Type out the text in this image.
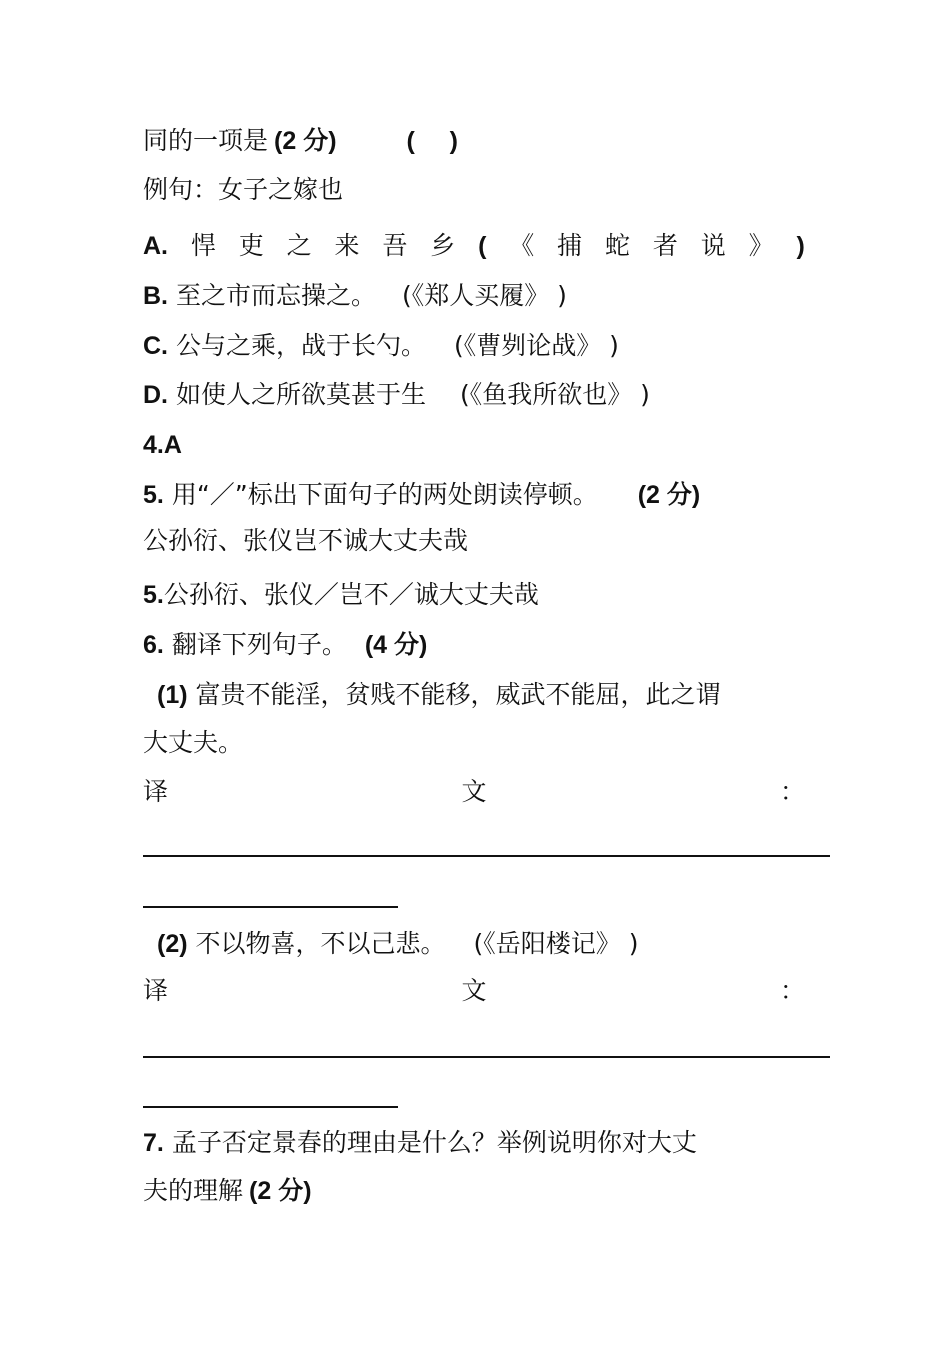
同的一项是 (2 分)	(     )
例句：女子之嫁也
A. 悍 吏 之 来 吾 乡 ( 《 捕 蛇 者 说 》 )
B. 至之市而忘操之。 (《郑人买履》 )
C. 公与之乘，战于长勺。 (《曹刿论战》 )
D. 如使人之所欲莫甚于生 (《鱼我所欲也》 )
4.A
5. 用“／”标出下面句子的两处朗读停顿。 (2 分)
公孙衍、张仪岂不诚大丈夫哉
5.公孙衍、张仪／岂不／诚大丈夫哉
6. 翻译下列句子。 (4 分)
(1) 富贵不能淫，贫贱不能移，威武不能屈，此之谓
大丈夫。
译	文	：
(2) 不以物喜，不以己悲。 (《岳阳楼记》 )
译	文	：
7. 孟子否定景春的理由是什么？举例说明你对大丈
夫的理解 (2 分)
